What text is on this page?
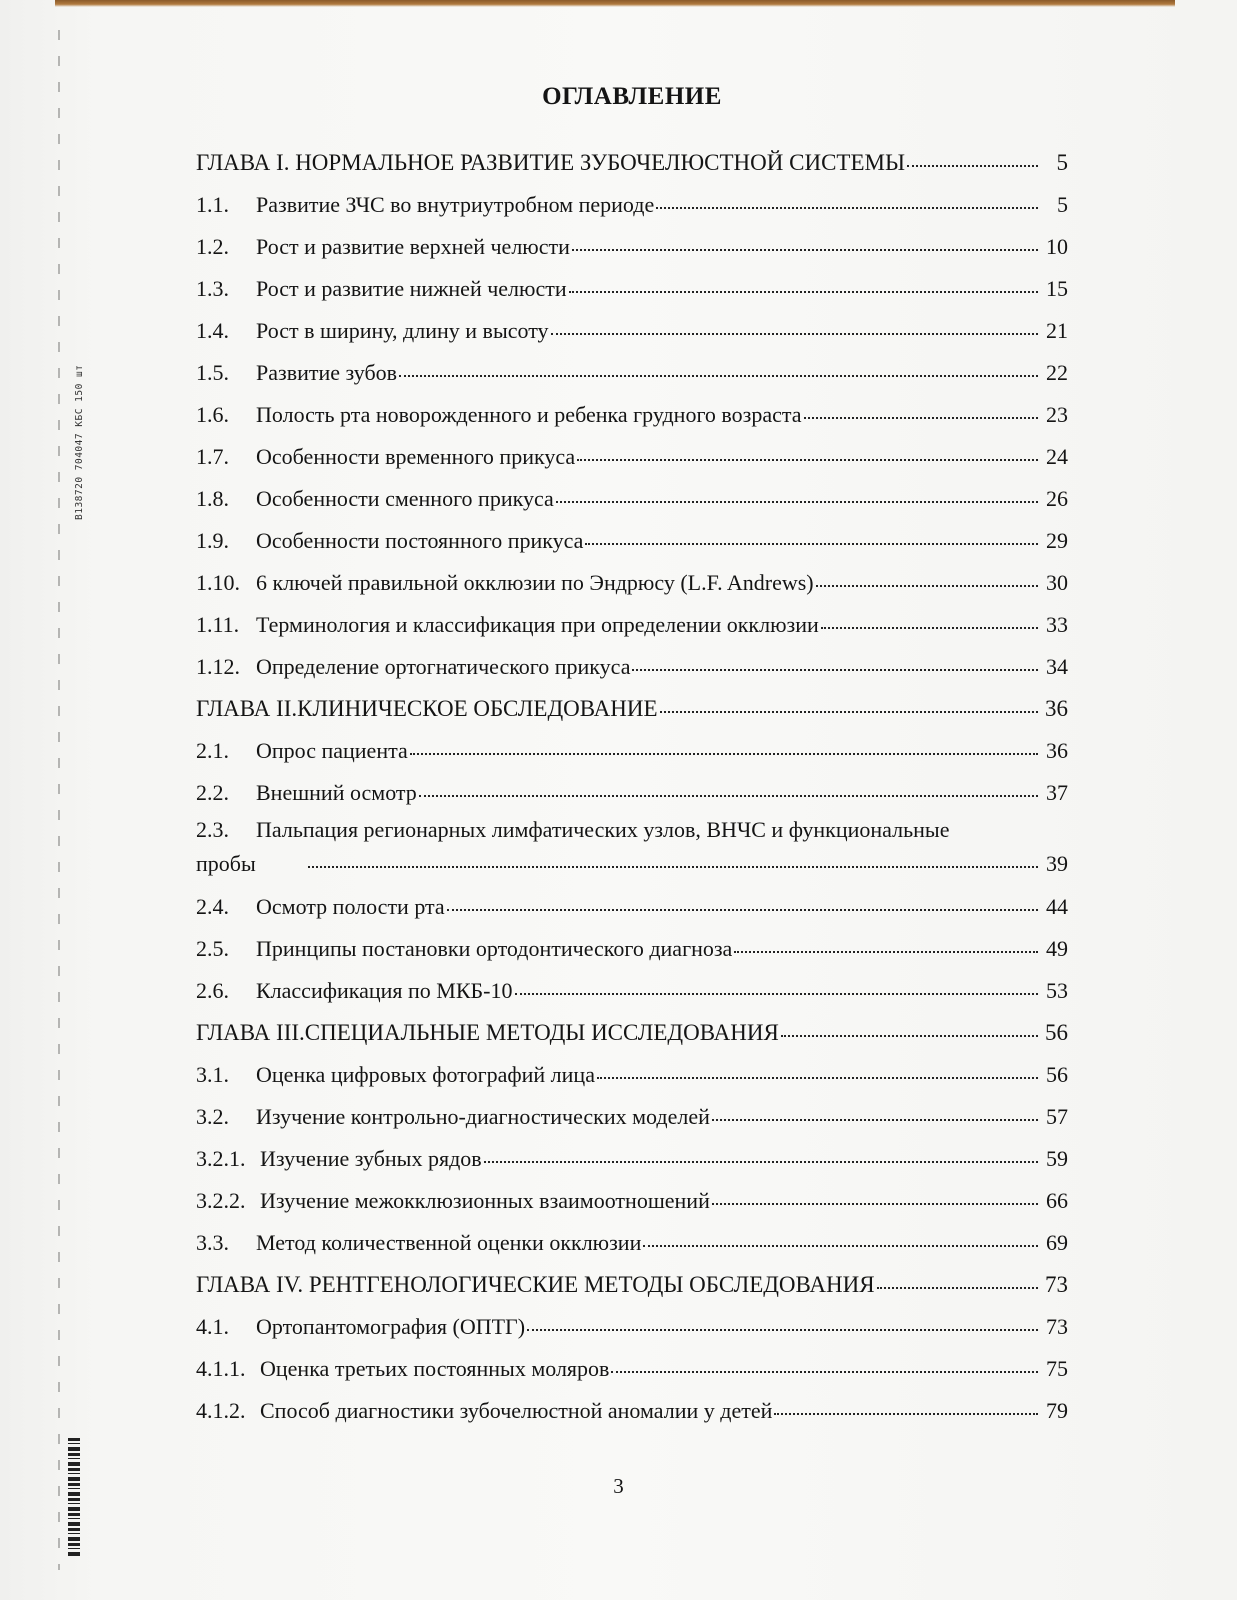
В138720 704047 КБС 150 шт
ОГЛАВЛЕНИЕ
ГЛАВА I. НОРМАЛЬНОЕ РАЗВИТИЕ ЗУБОЧЕЛЮСТНОЙ СИСТЕМЫ	5
1.1.	Развитие ЗЧС во внутриутробном периоде	5
1.2.	Рост и развитие верхней челюсти	10
1.3.	Рост и развитие нижней челюсти	15
1.4.	Рост в ширину, длину и высоту	21
1.5.	Развитие зубов	22
1.6.	Полость рта новорожденного и ребенка грудного возраста	23
1.7.	Особенности временного прикуса	24
1.8.	Особенности сменного прикуса	26
1.9.	Особенности постоянного прикуса	29
1.10. 6 ключей правильной окклюзии по Эндрюсу (L.F. Andrews)	30
1.11. Терминология и классификация при определении окклюзии	33
1.12. Определение ортогнатического прикуса	34
ГЛАВА II.КЛИНИЧЕСКОЕ ОБСЛЕДОВАНИЕ	36
2.1.	Опрос пациента	36
2.2.	Внешний осмотр	37
2.3.	Пальпация регионарных лимфатических узлов, ВНЧС и функциональные
пробы	39
2.4.	Осмотр полости рта	44
2.5.	Принципы постановки ортодонтического диагноза	49
2.6.	Классификация по МКБ-10	53
ГЛАВА III.СПЕЦИАЛЬНЫЕ МЕТОДЫ ИССЛЕДОВАНИЯ	56
3.1.	Оценка цифровых фотографий лица	56
3.2.	Изучение контрольно-диагностических моделей	57
3.2.1. Изучение зубных рядов	59
3.2.2. Изучение межокклюзионных взаимоотношений	66
3.3.	Метод количественной оценки окклюзии	69
ГЛАВА IV. РЕНТГЕНОЛОГИЧЕСКИЕ МЕТОДЫ ОБСЛЕДОВАНИЯ	73
4.1.	Ортопантомография (ОПТГ)	73
4.1.1. Оценка третьих постоянных моляров	75
4.1.2. Способ диагностики зубочелюстной аномалии у детей	79
3
